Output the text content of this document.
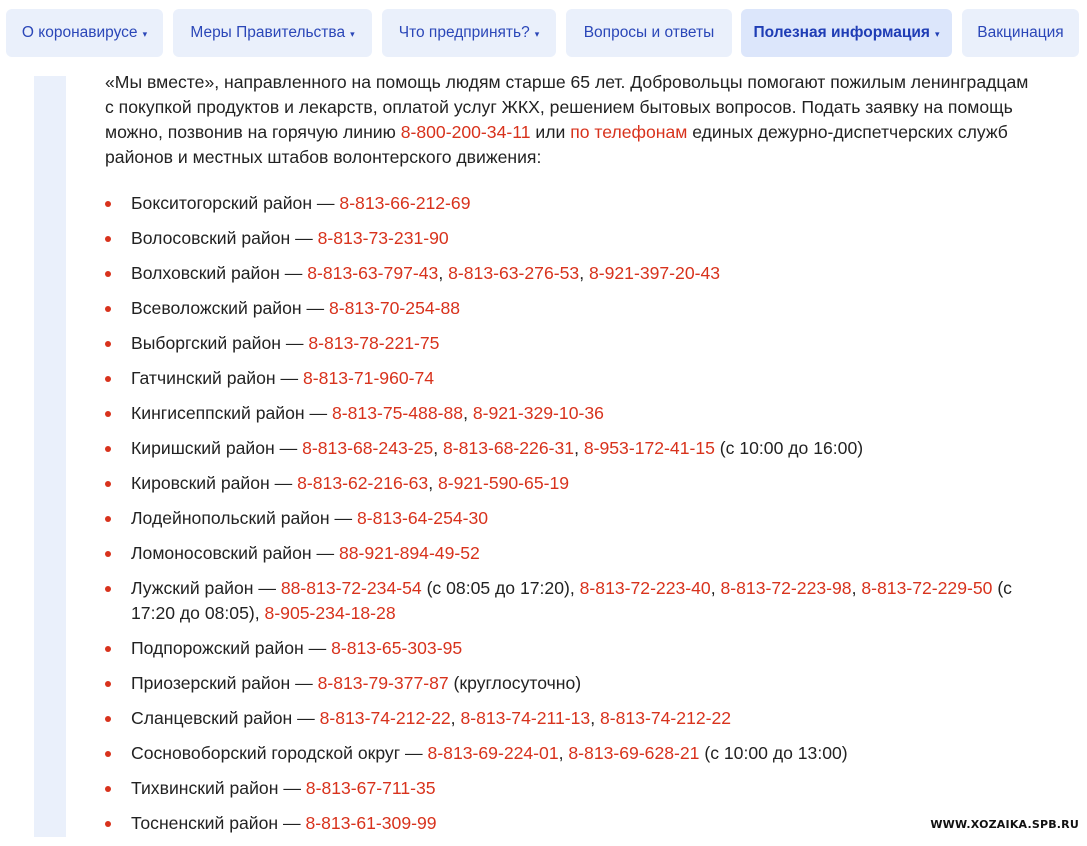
О коронавирусе ▾	Меры Правительства ▾	Что предпринять? ▾	Вопросы и ответы	Полезная информация ▾ Вакцинация

«Мы вместе», направленного на помощь людям старше 65 лет. Добровольцы помогают пожилым ленинградцам с покупкой продуктов и лекарств, оплатой услуг ЖКХ, решением бытовых вопросов. Подать заявку на помощь можно, позвонив на горячую линию 8-800-200-34-11 или по телефонам единых дежурно-диспетчерских служб районов и местных штабов волонтерского движения:

Бокситогорский район — 8-813-66-212-69
Волосовский район — 8-813-73-231-90
Волховский район — 8-813-63-797-43, 8-813-63-276-53, 8-921-397-20-43
Всеволожский район — 8-813-70-254-88
Выборгский район — 8-813-78-221-75
Гатчинский район — 8-813-71-960-74
Кингисеппский район — 8-813-75-488-88, 8-921-329-10-36
Киришский район — 8-813-68-243-25, 8-813-68-226-31, 8-953-172-41-15 (с 10:00 до 16:00)
Кировский район — 8-813-62-216-63, 8-921-590-65-19
Лодейнопольский район — 8-813-64-254-30
Ломоносовский район — 88-921-894-49-52
Лужский район — 88-813-72-234-54 (с 08:05 до 17:20), 8-813-72-223-40, 8-813-72-223-98, 8-813-72-229-50 (с 17:20 до 08:05), 8-905-234-18-28
Подпорожский район — 8-813-65-303-95
Приозерский район — 8-813-79-377-87 (круглосуточно)
Сланцевский район — 8-813-74-212-22, 8-813-74-211-13, 8-813-74-212-22
Сосновоборский городской округ — 8-813-69-224-01, 8-813-69-628-21 (с 10:00 до 13:00)
Тихвинский район — 8-813-67-711-35
Тосненский район — 8-813-61-309-99	WWW.XOZAIKA.SPB.RU
